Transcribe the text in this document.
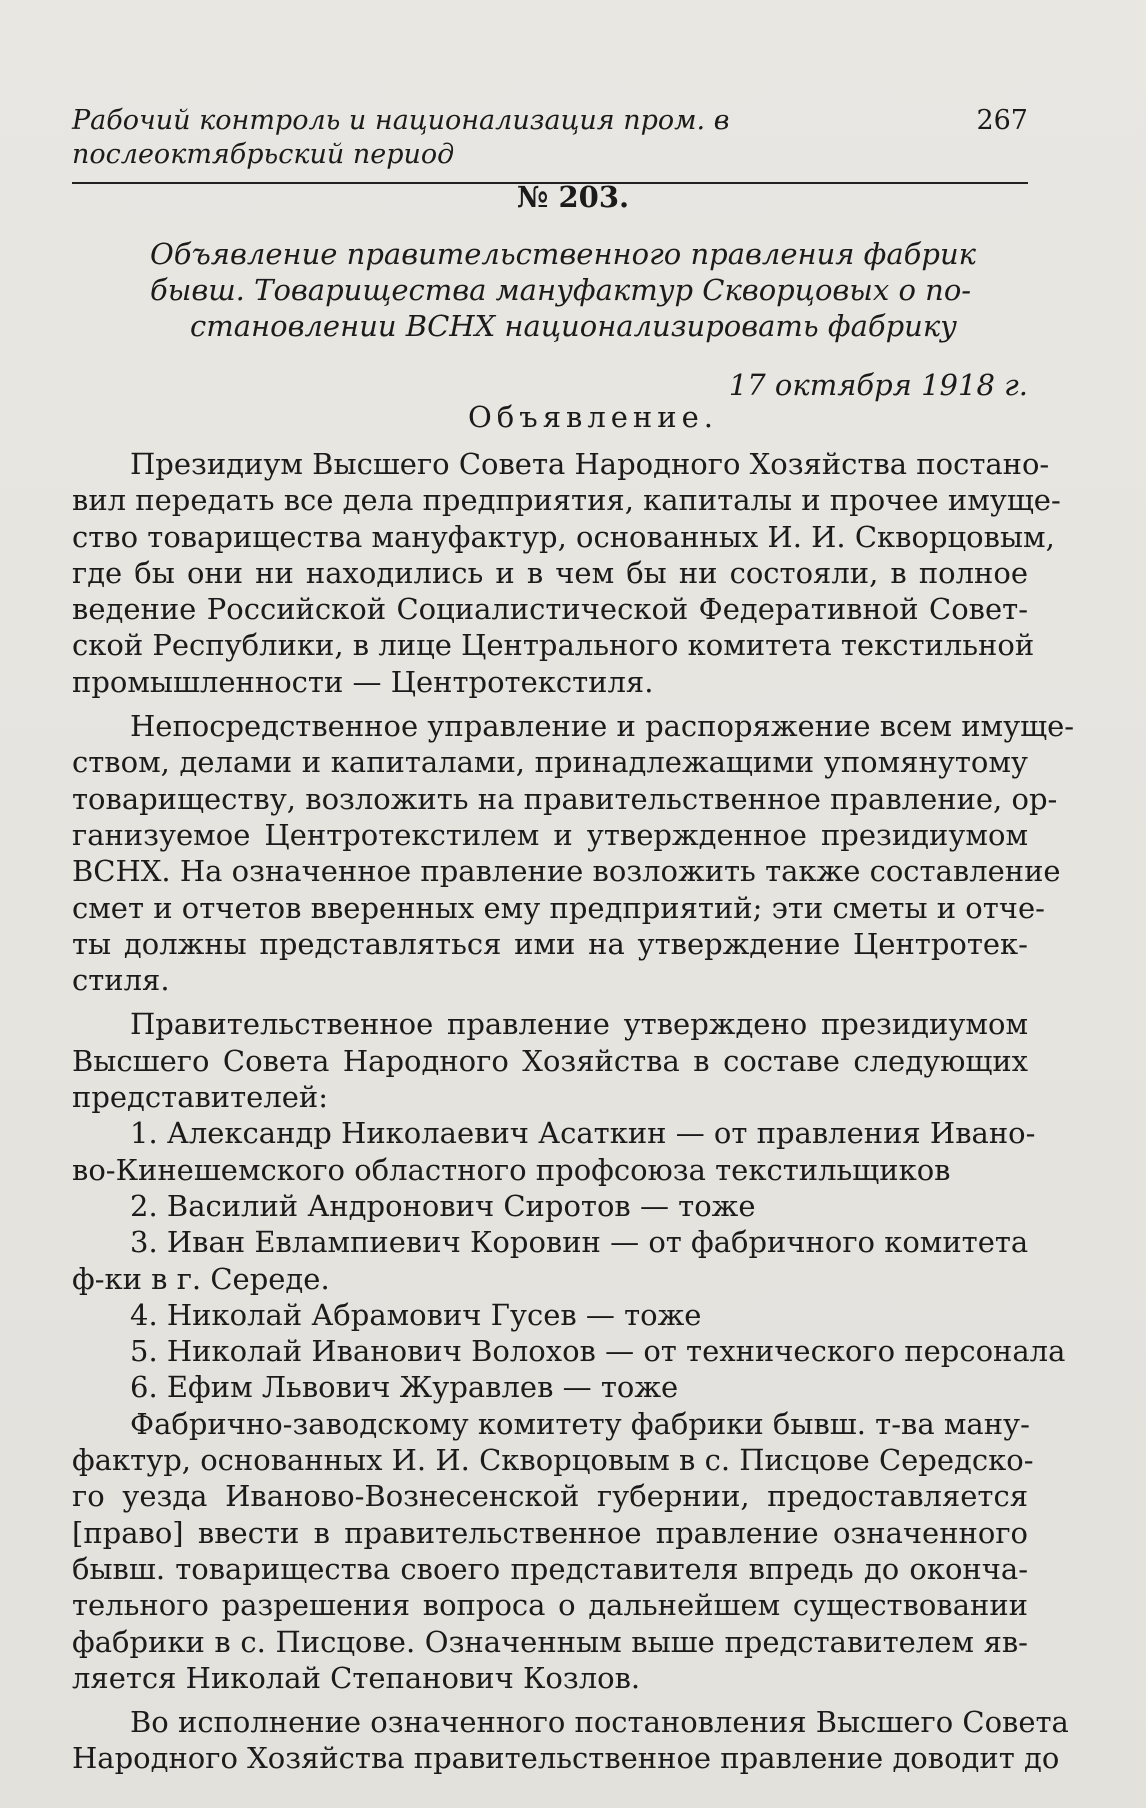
Рабочий контроль и национализация пром. в послеоктябрьский период
267
№ 203.
Объявление правительственного правления фабрик
бывш. Товарищества мануфактур Скворцовых о по-
становлении ВСНХ национализировать фабрику
17 октября 1918 г.
Объявление.
Президиум Высшего Совета Народного Хозяйства постано-
вил передать все дела предприятия, капиталы и прочее имуще-
ство товарищества мануфактур, основанных И. И. Скворцовым,
где бы они ни находились и в чем бы ни состояли, в полное
ведение Российской Социалистической Федеративной Совет-
ской Республики, в лице Центрального комитета текстильной
промышленности — Центротекстиля.
Непосредственное управление и распоряжение всем имуще-
ством, делами и капиталами, принадлежащими упомянутому
товариществу, возложить на правительственное правление, ор-
ганизуемое Центротекстилем и утвержденное президиумом
ВСНХ. На означенное правление возложить также составление
смет и отчетов вверенных ему предприятий; эти сметы и отче-
ты должны представляться ими на утверждение Центротек-
стиля.
Правительственное правление утверждено президиумом
Высшего Совета Народного Хозяйства в составе следующих
представителей:
1. Александр Николаевич Асаткин — от правления Ивано-
во-Кинешемского областного профсоюза текстильщиков
2. Василий Андронович Сиротов — тоже
3. Иван Евлампиевич Коровин — от фабричного комитета
ф-ки в г. Середе.
4. Николай Абрамович Гусев — тоже
5. Николай Иванович Волохов — от технического персонала
6. Ефим Львович Журавлев — тоже
Фабрично-заводскому комитету фабрики бывш. т-ва ману-
фактур, основанных И. И. Скворцовым в с. Писцове Середско-
го уезда Иваново-Вознесенской губернии, предоставляется
[право] ввести в правительственное правление означенного
бывш. товарищества своего представителя впредь до оконча-
тельного разрешения вопроса о дальнейшем существовании
фабрики в с. Писцове. Означенным выше представителем яв-
ляется Николай Степанович Козлов.
Во исполнение означенного постановления Высшего Совета
Народного Хозяйства правительственное правление доводит до
